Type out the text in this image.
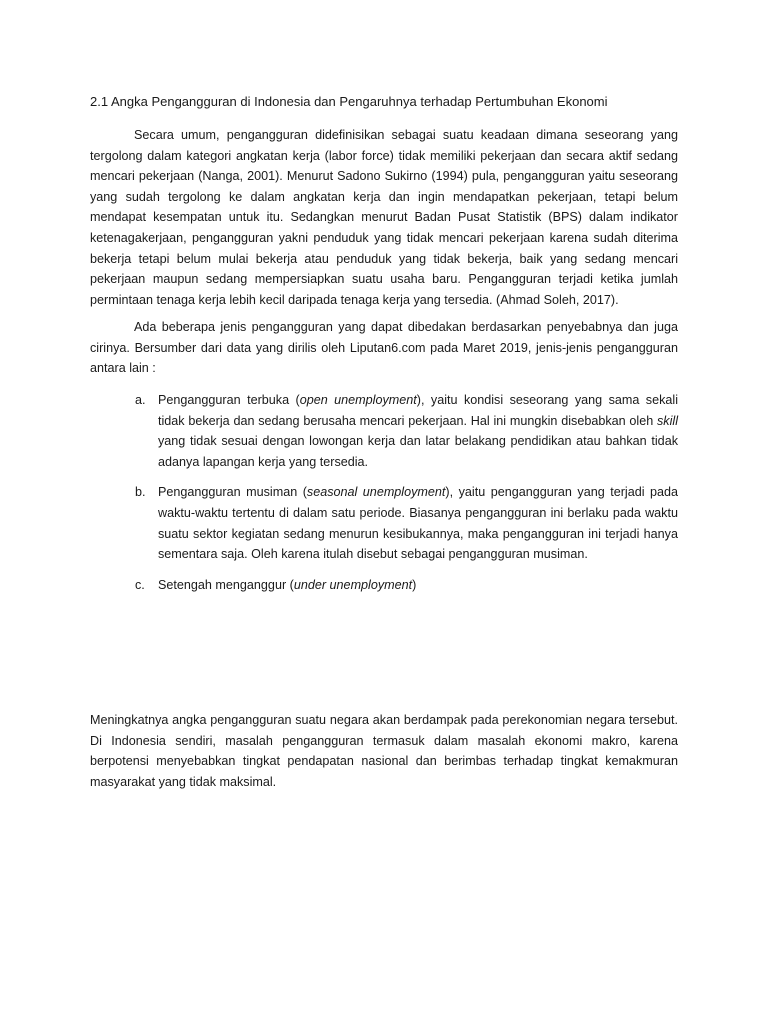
2.1 Angka Pengangguran di Indonesia dan Pengaruhnya terhadap Pertumbuhan Ekonomi

Secara umum, pengangguran didefinisikan sebagai suatu keadaan dimana seseorang yang tergolong dalam kategori angkatan kerja (labor force) tidak memiliki pekerjaan dan secara aktif sedang mencari pekerjaan (Nanga, 2001). Menurut Sadono Sukirno (1994) pula, pengangguran yaitu seseorang yang sudah tergolong ke dalam angkatan kerja dan ingin mendapatkan pekerjaan, tetapi belum mendapat kesempatan untuk itu. Sedangkan menurut Badan Pusat Statistik (BPS) dalam indikator ketenagakerjaan, pengangguran yakni penduduk yang tidak mencari pekerjaan karena sudah diterima bekerja tetapi belum mulai bekerja atau penduduk yang tidak bekerja, baik yang sedang mencari pekerjaan maupun sedang mempersiapkan suatu usaha baru. Pengangguran terjadi ketika jumlah permintaan tenaga kerja lebih kecil daripada tenaga kerja yang tersedia. (Ahmad Soleh, 2017).

Ada beberapa jenis pengangguran yang dapat dibedakan berdasarkan penyebabnya dan juga cirinya. Bersumber dari data yang dirilis oleh Liputan6.com pada Maret 2019, jenis-jenis pengangguran antara lain :

a. Pengangguran terbuka (open unemployment), yaitu kondisi seseorang yang sama sekali tidak bekerja dan sedang berusaha mencari pekerjaan. Hal ini mungkin disebabkan oleh skill yang tidak sesuai dengan lowongan kerja dan latar belakang pendidikan atau bahkan tidak adanya lapangan kerja yang tersedia.

b. Pengangguran musiman (seasonal unemployment), yaitu pengangguran yang terjadi pada waktu-waktu tertentu di dalam satu periode. Biasanya pengangguran ini berlaku pada waktu suatu sektor kegiatan sedang menurun kesibukannya, maka pengangguran ini terjadi hanya sementara saja. Oleh karena itulah disebut sebagai pengangguran musiman.

c.	Setengah menganggur (under unemployment)

Meningkatnya angka pengangguran suatu negara akan berdampak pada perekonomian negara tersebut. Di Indonesia sendiri, masalah pengangguran termasuk dalam masalah ekonomi makro, karena berpotensi menyebabkan tingkat pendapatan nasional dan berimbas terhadap tingkat kemakmuran masyarakat yang tidak maksimal.
